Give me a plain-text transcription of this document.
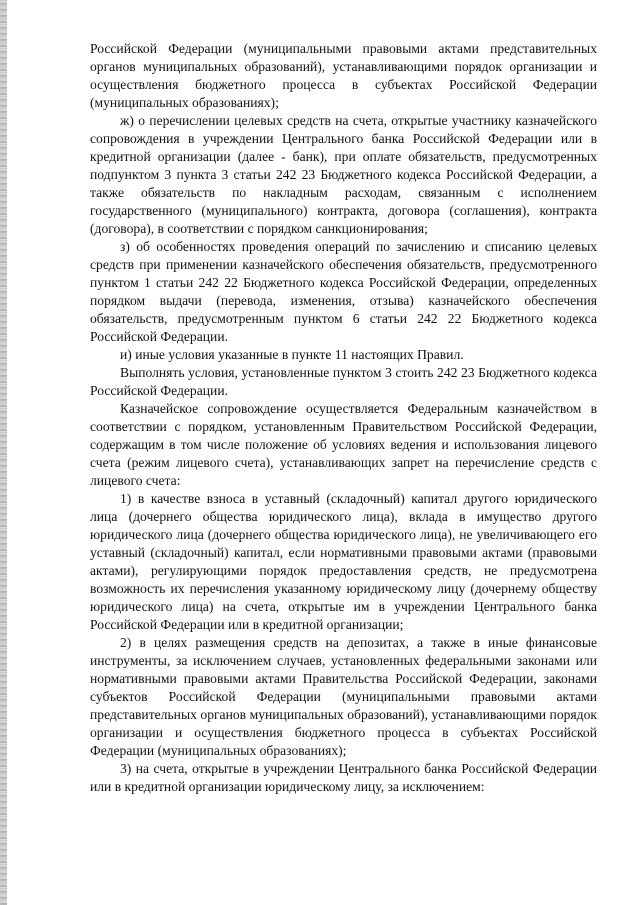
Российской Федерации (муниципальными правовыми актами представительных органов муниципальных образований), устанавливающими порядок организации и осуществления бюджетного процесса в субъектах Российской Федерации (муниципальных образованиях);

ж) о перечислении целевых средств на счета, открытые участнику казначейского сопровождения в учреждении Центрального банка Российской Федерации или в кредитной организации (далее - банк), при оплате обязательств, предусмотренных подпунктом 3 пункта 3 статьи 242 23 Бюджетного кодекса Российской Федерации, а также обязательств по накладным расходам, связанным с исполнением государственного (муниципального) контракта, договора (соглашения), контракта (договора), в соответствии с порядком санкционирования;

з) об особенностях проведения операций по зачислению и списанию целевых средств при применении казначейского обеспечения обязательств, предусмотренного пунктом 1 статьи 242 22 Бюджетного кодекса Российской Федерации, определенных порядком выдачи (перевода, изменения, отзыва) казначейского обеспечения обязательств, предусмотренным пунктом 6 статьи 242 22 Бюджетного кодекса Российской Федерации.

и) иные условия указанные в пункте 11 настоящих Правил.

Выполнять условия, установленные пунктом 3 стоить 242 23 Бюджетного кодекса Российской Федерации.

Казначейское сопровождение осуществляется Федеральным казначейством в соответствии с порядком, установленным Правительством Российской Федерации, содержащим в том числе положение об условиях ведения и использования лицевого счета (режим лицевого счета), устанавливающих запрет на перечисление средств с лицевого счета:

1) в качестве взноса в уставный (складочный) капитал другого юридического лица (дочернего общества юридического лица), вклада в имущество другого юридического лица (дочернего общества юридического лица), не увеличивающего его уставный (складочный) капитал, если нормативными правовыми актами (правовыми актами), регулирующими порядок предоставления средств, не предусмотрена возможность их перечисления указанному юридическому лицу (дочернему обществу юридического лица) на счета, открытые им в учреждении Центрального банка Российской Федерации или в кредитной организации;

2) в целях размещения средств на депозитах, а также в иные финансовые инструменты, за исключением случаев, установленных федеральными законами или нормативными правовыми актами Правительства Российской Федерации, законами субъектов Российской Федерации (муниципальными правовыми актами представительных органов муниципальных образований), устанавливающими порядок организации и осуществления бюджетного процесса в субъектах Российской Федерации (муниципальных образованиях);

3) на счета, открытые в учреждении Центрального банка Российской Федерации или в кредитной организации юридическому лицу, за исключением:
